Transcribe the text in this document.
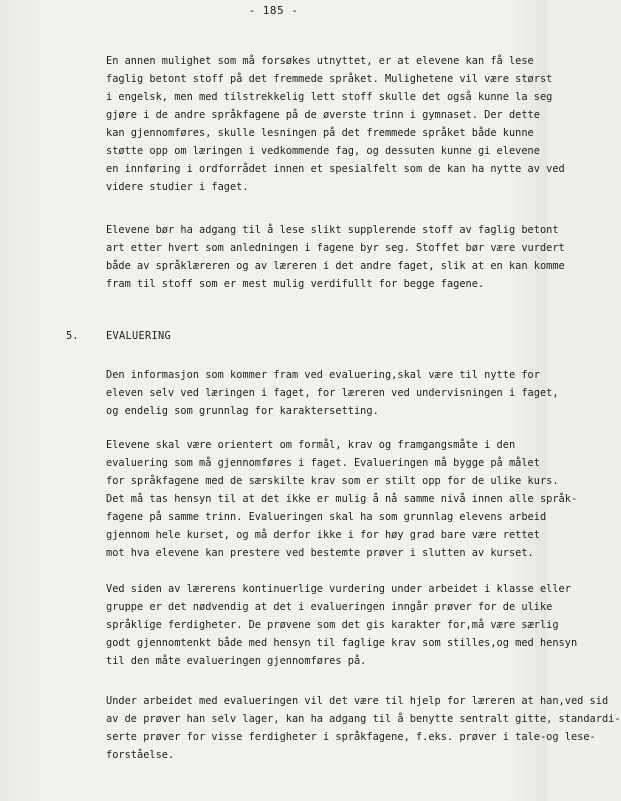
- 185 -
En annen mulighet som må forsøkes utnyttet, er at elevene kan få lese
faglig betont stoff på det fremmede språket. Mulighetene vil være størst
i engelsk, men med tilstrekkelig lett stoff skulle det også kunne la seg
gjøre i de andre språkfagene på de øverste trinn i gymnaset. Der dette
kan gjennomføres, skulle lesningen på det fremmede språket både kunne
støtte opp om læringen i vedkommende fag, og dessuten kunne gi elevene
en innføring i ordforrådet innen et spesialfelt som de kan ha nytte av ved
videre studier i faget.
Elevene bør ha adgang til å lese slikt supplerende stoff av faglig betont
art etter hvert som anledningen i fagene byr seg. Stoffet bør være vurdert
både av språklæreren og av læreren i det andre faget, slik at en kan komme
fram til stoff som er mest mulig verdifullt for begge fagene.
5.	EVALUERING
Den informasjon som kommer fram ved evaluering,skal være til nytte for
eleven selv ved læringen i faget, for læreren ved undervisningen i faget,
og endelig som grunnlag for karaktersetting.
Elevene skal være orientert om formål, krav og framgangsmåte i den
evaluering som må gjennomføres i faget. Evalueringen må bygge på målet
for språkfagene med de særskilte krav som er stilt opp for de ulike kurs.
Det må tas hensyn til at det ikke er mulig å nå samme nivå innen alle språk-
fagene på samme trinn. Evalueringen skal ha som grunnlag elevens arbeid
gjennom hele kurset, og må derfor ikke i for høy grad bare være rettet
mot hva elevene kan prestere ved bestemte prøver i slutten av kurset.
Ved siden av lærerens kontinuerlige vurdering under arbeidet i klasse eller
gruppe er det nødvendig at det i evalueringen inngår prøver for de ulike
språklige ferdigheter. De prøvene som det gis karakter for,må være særlig
godt gjennomtenkt både med hensyn til faglige krav som stilles,og med hensyn
til den måte evalueringen gjennomføres på.
Under arbeidet med evalueringen vil det være til hjelp for læreren at han,ved sid
av de prøver han selv lager, kan ha adgang til å benytte sentralt gitte, standardi-
serte prøver for visse ferdigheter i språkfagene, f.eks. prøver i tale-og lese-
forståelse.
